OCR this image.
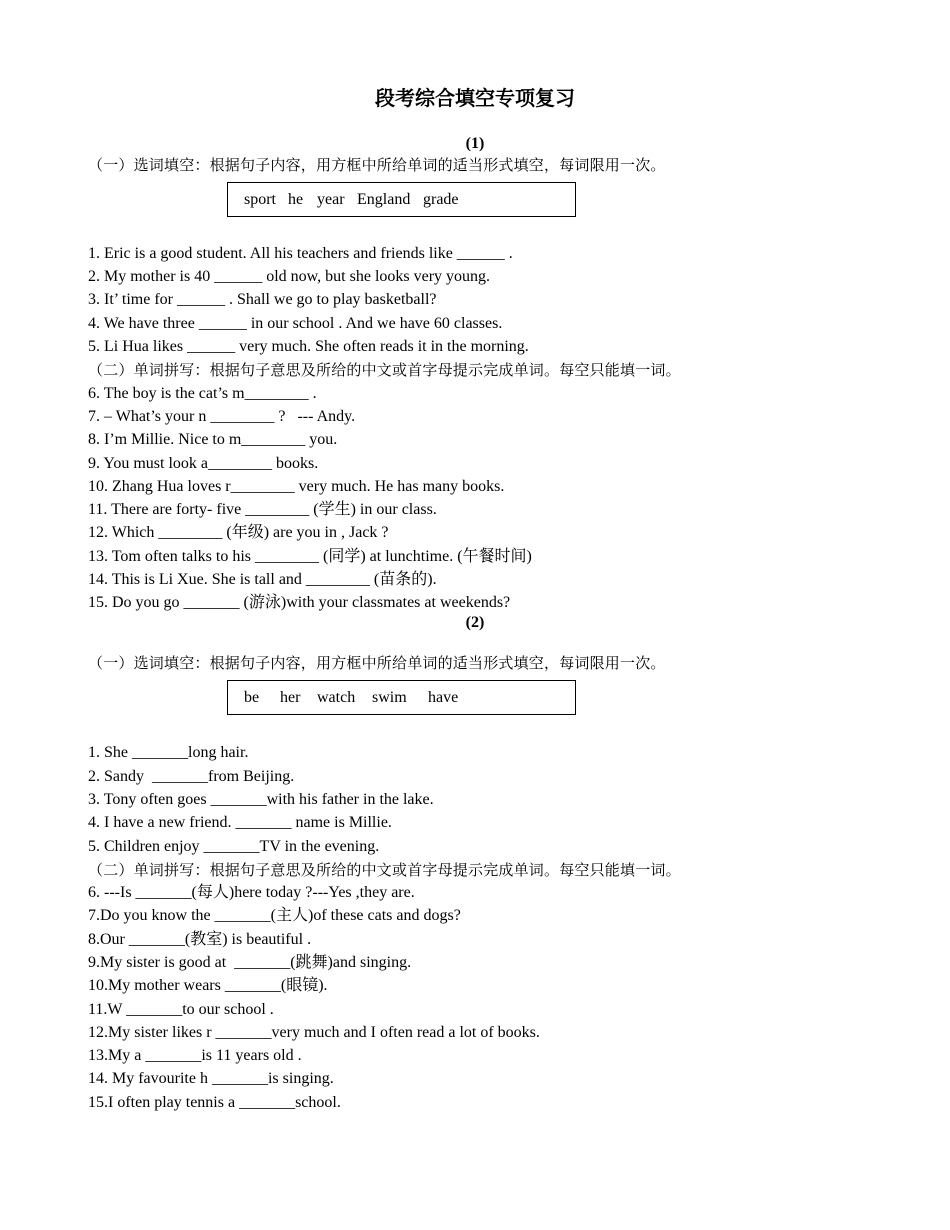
段考综合填空专项复习
(1)
（一）选词填空：根据句子内容，用方框中所给单词的适当形式填空，每词限用一次。
sport he year England grade
1. Eric is a good student. All his teachers and friends like ______ .
2. My mother is 40 ______ old now, but she looks very young.
3. It’ time for ______ . Shall we go to play basketball?
4. We have three ______ in our school . And we have 60 classes.
5. Li Hua likes ______ very much. She often reads it in the morning.
（二）单词拼写：根据句子意思及所给的中文或首字母提示完成单词。每空只能填一词。
6. The boy is the cat’s m________ .
7. – What’s your n ________ ?   --- Andy.
8. I’m Millie. Nice to m________ you.
9. You must look a________ books.
10. Zhang Hua loves r________ very much. He has many books.
11. There are forty- five ________ (学生) in our class.
12. Which ________ (年级) are you in , Jack ?
13. Tom often talks to his ________ (同学) at lunchtime. (午餐时间)
14. This is Li Xue. She is tall and ________ (苗条的).
15. Do you go _______ (游泳)with your classmates at weekends?
(2)
（一）选词填空：根据句子内容，用方框中所给单词的适当形式填空，每词限用一次。
be her watch swim have
1. She _______long hair.
2. Sandy  _______from Beijing.
3. Tony often goes _______with his father in the lake.
4. I have a new friend. _______ name is Millie.
5. Children enjoy _______TV in the evening.
（二）单词拼写：根据句子意思及所给的中文或首字母提示完成单词。每空只能填一词。
6. ---Is _______(每人)here today ?---Yes ,they are.
7.Do you know the _______(主人)of these cats and dogs?
8.Our _______(教室) is beautiful .
9.My sister is good at  _______(跳舞)and singing.
10.My mother wears _______(眼镜).
11.W _______to our school .
12.My sister likes r _______very much and I often read a lot of books.
13.My a _______is 11 years old .
14. My favourite h _______is singing.
15.I often play tennis a _______school.
